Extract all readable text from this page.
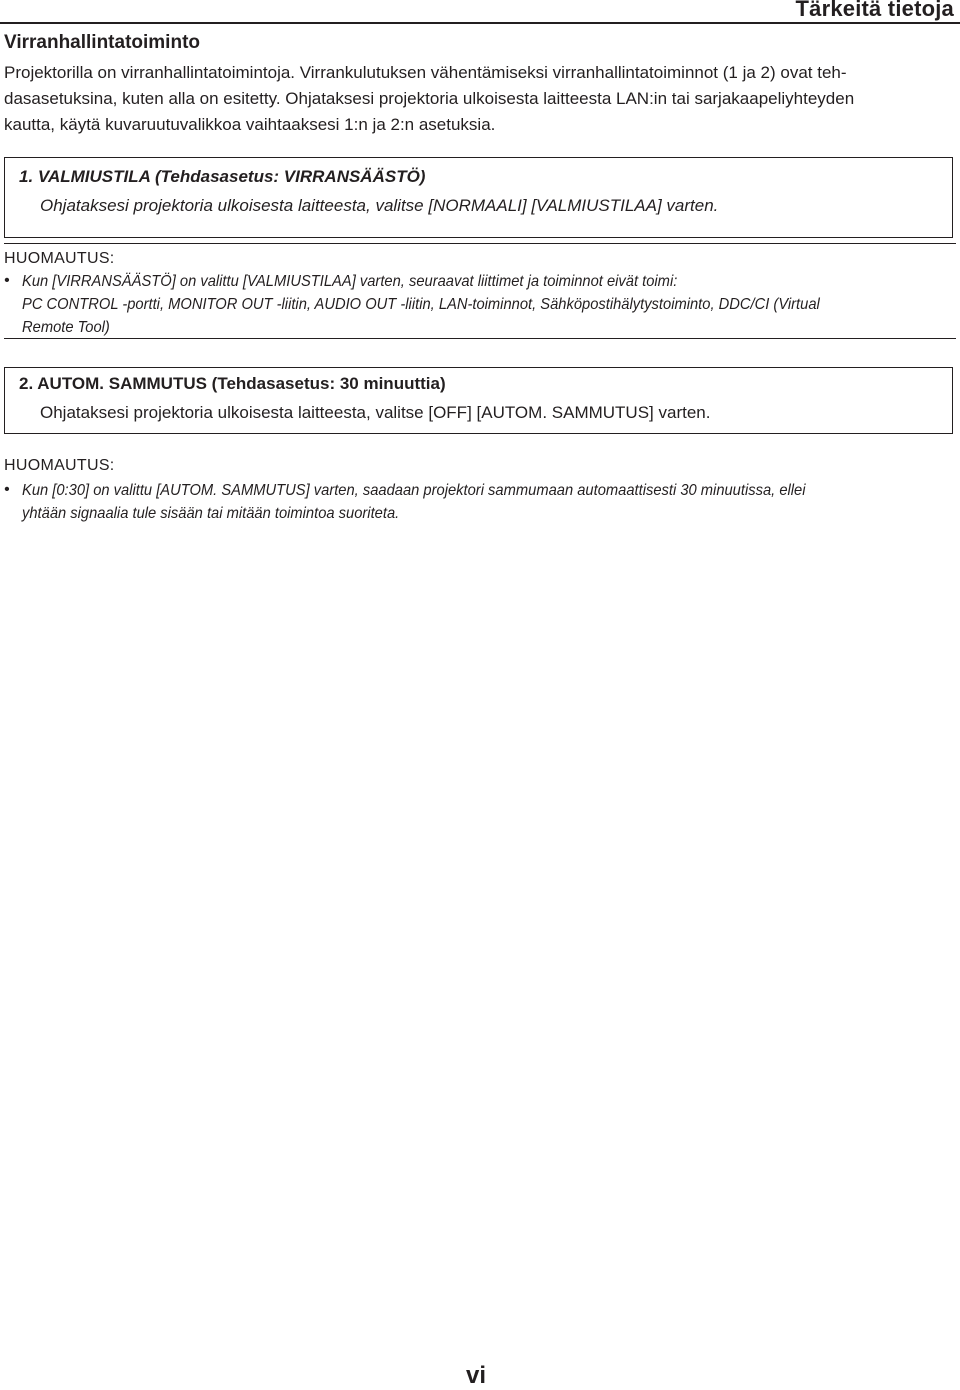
Tärkeitä tietoja
Virranhallintatoiminto
Projektorilla on virranhallintatoimintoja. Virrankulutuksen vähentämiseksi virranhallintatoiminnot (1 ja 2) ovat teh-
dasasetuksina, kuten alla on esitetty. Ohjataksesi projektoria ulkoisesta laitteesta LAN:in tai sarjakaapeliyhteyden
kautta, käytä kuvaruutuvalikkoa vaihtaaksesi 1:n ja 2:n asetuksia.
1. VALMIUSTILA (Tehdasasetus: VIRRANSÄÄSTÖ)
Ohjataksesi projektoria ulkoisesta laitteesta, valitse [NORMAALI] [VALMIUSTILAA] varten.
HUOMAUTUS:
• Kun [VIRRANSÄÄSTÖ] on valittu [VALMIUSTILAA] varten, seuraavat liittimet ja toiminnot eivät toimi:
PC CONTROL -portti, MONITOR OUT -liitin, AUDIO OUT -liitin, LAN-toiminnot, Sähköpostihälytystoiminto, DDC/CI (Virtual
Remote Tool)
2. AUTOM. SAMMUTUS (Tehdasasetus: 30 minuuttia)
Ohjataksesi projektoria ulkoisesta laitteesta, valitse [OFF] [AUTOM. SAMMUTUS] varten.
HUOMAUTUS:
• Kun [0:30] on valittu [AUTOM. SAMMUTUS] varten, saadaan projektori sammumaan automaattisesti 30 minuutissa, ellei
yhtään signaalia tule sisään tai mitään toimintoa suoriteta.
vi
